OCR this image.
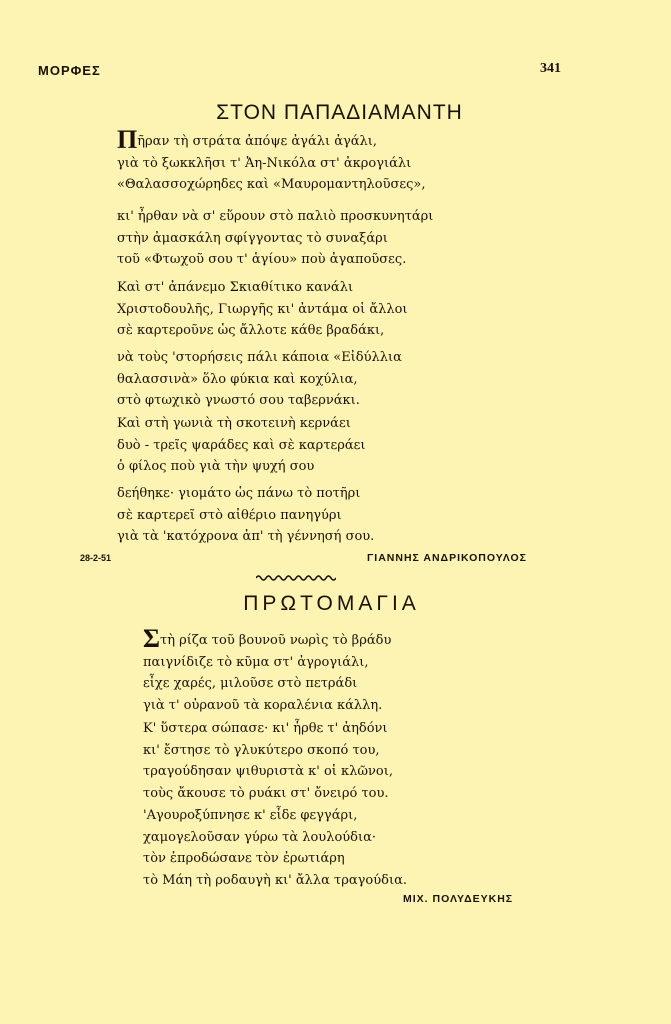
ΜΟΡΦΕΣ	341
ΣΤΟΝ ΠΑΠΑΔΙΑΜΑΝΤΗ
Πῆραν τὴ στράτα ἀπόψε ἀγάλι ἀγάλι,
γιὰ τὸ ξωκκλῆσι τ' Ἀη-Νικόλα στ' ἀκρογιάλι
«Θαλασσοχώρηδες καὶ «Μαυρομαντηλοῦσες»,
κι' ἦρθαν νὰ σ' εὕρουν στὸ παλιὸ προσκυνητάρι
στὴν ἀμασκάλη σφίγγοντας τὸ συναξάρι
τοῦ «Φτωχοῦ σου τ' ἁγίου» ποὺ ἀγαποῦσες.
Καὶ στ' ἀπάνεμο Σκιαθίτικο κανάλι
Χριστοδουλῆς, Γιωργῆς κι' ἀντάμα οἱ ἄλλοι
σὲ καρτεροῦνε ὡς ἄλλοτε κάθε βραδάκι,
νὰ τοὺς 'στορήσεις πάλι κάποια «Εἰδύλλια
θαλασσινὰ» ὅλο φύκια καὶ κοχύλια,
στὸ φτωχικὸ γνωστό σου ταβερνάκι.
Καὶ στὴ γωνιὰ τὴ σκοτεινὴ κερνάει
δυὸ - τρεῖς ψαράδες καὶ σὲ καρτεράει
ὁ φίλος ποὺ γιὰ τὴν ψυχή σου
δεήθηκε· γιομάτο ὡς πάνω τὸ ποτῆρι
σὲ καρτερεῖ στὸ αἰθέριο πανηγύρι
γιὰ τὰ 'κατόχρονα ἀπ' τὴ γέννησή σου.
28-2-51	ΓΙΑΝΝΗΣ ΑΝΔΡΙΚΟΠΟΥΛΟΣ
ΠΡΩΤΟΜΑΓΙΑ
Στὴ ρίζα τοῦ βουνοῦ νωρὶς τὸ βράδυ
παιγνίδιζε τὸ κῦμα στ' ἀγρογιάλι,
εἶχε χαρές, μιλοῦσε στὸ πετράδι
γιὰ τ' οὐρανοῦ τὰ κοραλένια κάλλη.
Κ' ὕστερα σώπασε· κι' ἦρθε τ' ἀηδόνι
κι' ἔστησε τὸ γλυκύτερο σκοπό του,
τραγούδησαν ψιθυριστὰ κ' οἱ κλῶνοι,
τοὺς ἄκουσε τὸ ρυάκι στ' ὄνειρό του.
'Αγουροξύπνησε κ' εἶδε φεγγάρι,
χαμογελοῦσαν γύρω τὰ λουλούδια·
τὸν ἐπροδώσανε τὸν ἐρωτιάρη
τὸ Μάη τὴ ροδαυγὴ κι' ἄλλα τραγούδια.
ΜΙΧ. ΠΟΛΥΔΕΥΚΗΣ
